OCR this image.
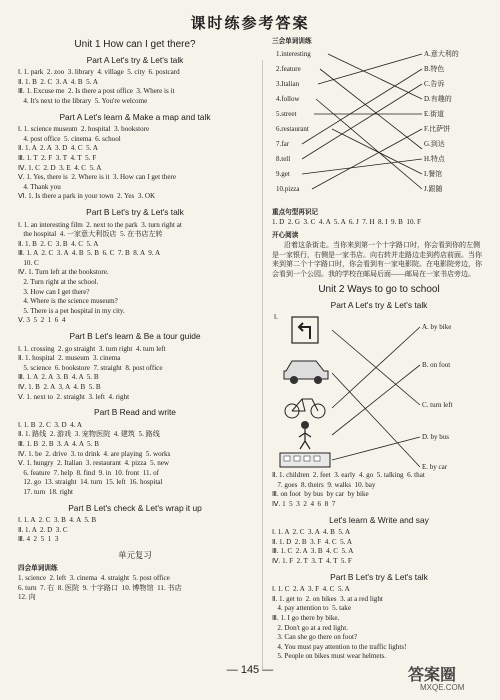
课时练参考答案
Unit 1 How can I get there?
Part A Let's try & Let's talk
Ⅰ. 1. park  2. zoo  3. library  4. village  5. city  6. postcard
Ⅱ. 1. B  2. C  3. A  4. B  5. A
Ⅲ. 1. Excuse me  2. Is there a post office  3. Where is it
4. It's next to the library  5. You're welcome
Part A Let's learn & Make a map and talk
Ⅰ. 1. science museum  2. hospital  3. bookstore
4. post office  5. cinema  6. school
Ⅱ. 1. A  2. A  3. D  4. C  5. A
Ⅲ. 1. T  2. F  3. T  4. T  5. F
Ⅳ. 1. C  2. D  3. E  4. C  5. A
Ⅴ. 1. Yes, there is  2. Where is it  3. How can I get there
4. Thank you
Ⅵ. 1. Is there a park in your town  2. Yes  3. OK
Part B Let's try & Let's talk
Ⅰ. 1. an interesting film  2. next to the park  3. turn right at
the hospital  4. 一家意大利饭店  5. 在书店左转
Ⅱ. 1. B  2. C  3. B  4. C  5. A
Ⅲ. 1. A  2. C  3. A  4. B  5. B  6. C  7. B  8. A  9. A
10. C
Ⅳ. 1. Turn left at the bookstore.
2. Turn right at the school.
3. How can I get there?
4. Where is the science museum?
5. There is a pet hospital in my city.
Ⅴ. 3  5  2  1  6  4
Part B Let's learn & Be a tour guide
Ⅰ. 1. crossing  2. go straight  3. turn right  4. turn left
Ⅱ. 1. hospital  2. museum  3. cinema
5. science  6. bookstore  7. straight  8. post office
Ⅲ. 1. A  2. A  3. B  4. A  5. B
Ⅳ. 1. B  2. A  3. A  4. B  5. B
Ⅴ. 1. next to  2. straight  3. left  4. right
Part B Read and write
Ⅰ. 1. B  2. C  3. D  4. A
Ⅱ. 1. 路线  2. 游戏  3. 宠物医院  4. 建筑  5. 路线
Ⅲ. 1. B  2. B  3. A  4. A  5. B
Ⅳ. 1. be  2. drive  3. to drink  4. are playing  5. works
Ⅴ. 1. hungry  2. Italian  3. restaurant  4. pizza  5. new
6. feature  7. help  8. find  9. in  10. front  11. of
12. go  13. straight  14. turn  15. left  16. hospital
17. turn  18. right
Part B Let's check & Let's wrap it up
Ⅰ. 1. A  2. C  3. B  4. A  5. B
Ⅱ. 1. A  2. D  3. C
Ⅲ. 4  2  5  1  3
单元复习
四会单词训练
1. science  2. left  3. cinema  4. straight  5. post office
6. turn  7. 右  8. 医院  9. 十字路口  10. 博物馆  11. 书店
12. 向
三会单词训练
1.interesting
2.feature
3.Italian
4.follow
5.street
6.restaurant
7.far
8.tell
9.get
10.pizza
A.意大利的
B.特色
C.告诉
D.有趣的
E.街道
F.比萨饼
G.到达
H.特点
I.餐馆
J.跟随
重点句型再识记
1. D  2. G  3. C  4. A  5. A  6. J  7. H  8. I  9. B  10. F
开心阅读
沿着这条街走。当你来到第一个十字路口时，你会看到你的左侧是一家银行，右侧是一家书店。向右转并走路边走到药店前面。当你来到第二个十字路口时，你会看到有一家电影院。在电影院旁边，你会看到一个公园。我的学校在邮局后面——邮局在一家书店旁边。
Unit 2 Ways to go to school
Part A Let's try & Let's talk
Ⅰ.
A. by bike
B. on foot
C. turn left
D. by bus
E. by car
Ⅱ. 1. children  2. feet  3. early  4. go  5. talking  6. that
7. goes  8. theirs  9. walks  10. bay
Ⅲ. on foot  by bus  by car  by bike
Ⅳ. 1  5  3  2  4  6  8  7
Let's learn & Write and say
Ⅰ. 1. A  2. C  3. A  4. B  5. A
Ⅱ. 1. D  2. B  3. F  4. C  5. A
Ⅲ. 1. C  2. A  3. B  4. C  5. A
Ⅳ. 1. F  2. T  3. T  4. T  5. F
Part B Let's try & Let's talk
Ⅰ. 1. C  2. A  3. F  4. C  5. A
Ⅱ. 1. get to  2. on bikes  3. at a red light
4. pay attention to  5. take
Ⅲ. 1. I go there by bike.
2. Don't go at a red light.
3. Can she go there on foot?
4. You must pay attention to the traffic lights!
5. People on bikes must wear helmets.
— 145 —	答案圈
MXQE.COM
